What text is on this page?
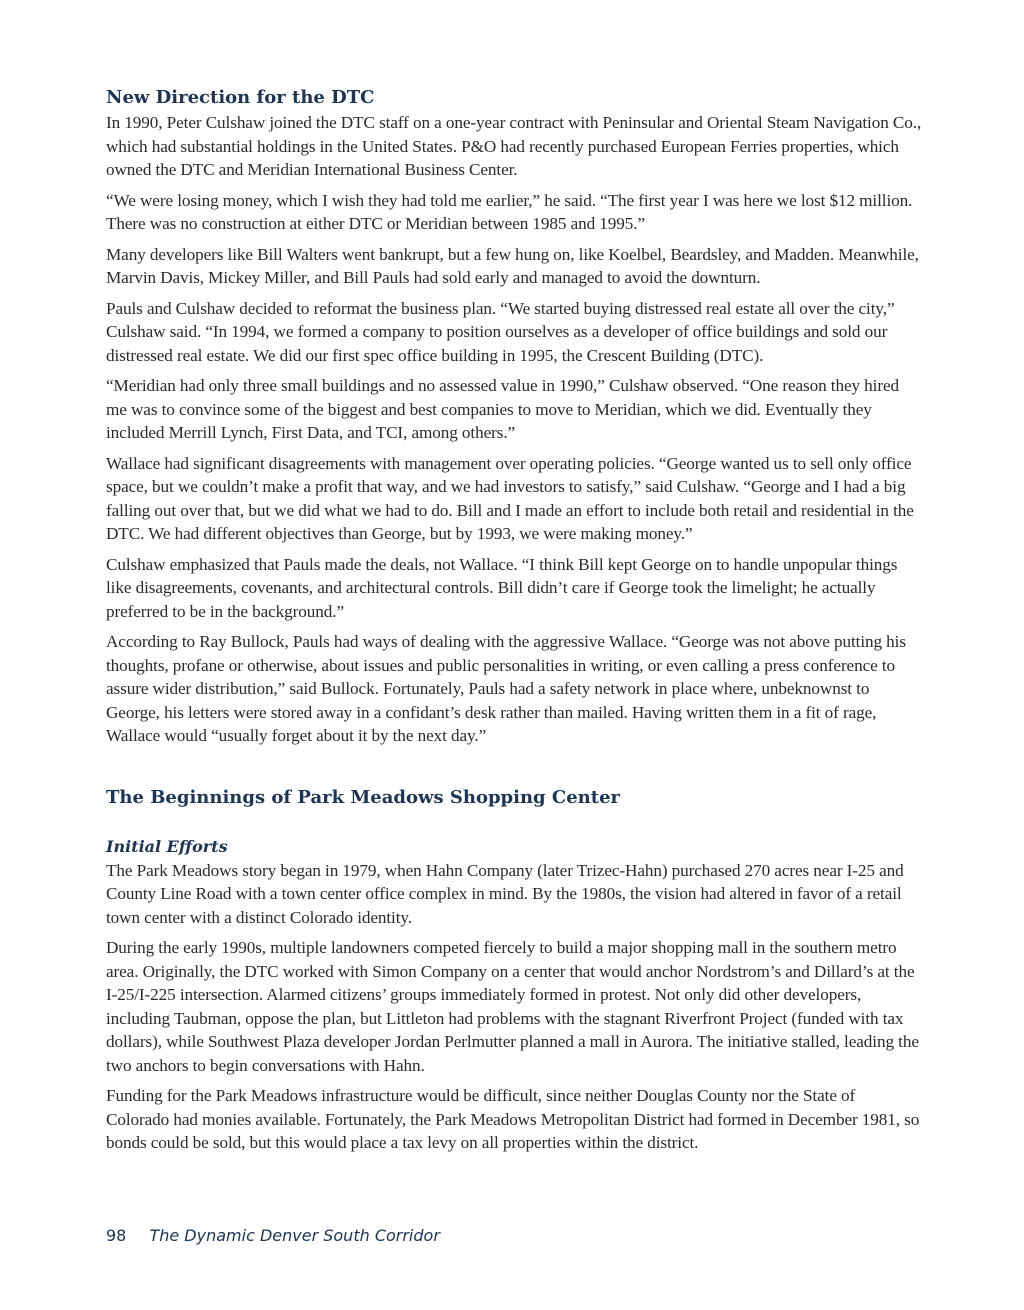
New Direction for the DTC

In 1990, Peter Culshaw joined the DTC staff on a one-year contract with Peninsular and Oriental Steam Navigation Co., which had substantial holdings in the United States. P&O had recently purchased European Ferries properties, which owned the DTC and Meridian International Business Center.

“We were losing money, which I wish they had told me earlier,” he said. “The first year I was here we lost $12 million. There was no construction at either DTC or Meridian between 1985 and 1995.”

Many developers like Bill Walters went bankrupt, but a few hung on, like Koelbel, Beardsley, and Madden. Meanwhile, Marvin Davis, Mickey Miller, and Bill Pauls had sold early and managed to avoid the downturn.

Pauls and Culshaw decided to reformat the business plan. “We started buying distressed real estate all over the city,” Culshaw said. “In 1994, we formed a company to position ourselves as a developer of office buildings and sold our distressed real estate. We did our first spec office building in 1995, the Crescent Building (DTC).

“Meridian had only three small buildings and no assessed value in 1990,” Culshaw observed. “One reason they hired me was to convince some of the biggest and best companies to move to Meridian, which we did. Eventually they included Merrill Lynch, First Data, and TCI, among others.”

Wallace had significant disagreements with management over operating policies. “George wanted us to sell only office space, but we couldn’t make a profit that way, and we had investors to satisfy,” said Culshaw. “George and I had a big falling out over that, but we did what we had to do. Bill and I made an effort to include both retail and residential in the DTC. We had different objectives than George, but by 1993, we were making money.”

Culshaw emphasized that Pauls made the deals, not Wallace. “I think Bill kept George on to handle unpopular things like disagreements, covenants, and architectural controls. Bill didn’t care if George took the limelight; he actually preferred to be in the background.”

According to Ray Bullock, Pauls had ways of dealing with the aggressive Wallace. “George was not above putting his thoughts, profane or otherwise, about issues and public personalities in writing, or even calling a press conference to assure wider distribution,” said Bullock. Fortunately, Pauls had a safety network in place where, unbeknownst to George, his letters were stored away in a confidant’s desk rather than mailed. Having written them in a fit of rage, Wallace would “usually forget about it by the next day.”

The Beginnings of Park Meadows Shopping Center
Initial Efforts

The Park Meadows story began in 1979, when Hahn Company (later Trizec-Hahn) purchased 270 acres near I-25 and County Line Road with a town center office complex in mind. By the 1980s, the vision had altered in favor of a retail town center with a distinct Colorado identity.

During the early 1990s, multiple landowners competed fiercely to build a major shopping mall in the southern metro area. Originally, the DTC worked with Simon Company on a center that would anchor Nordstrom’s and Dillard’s at the I-25/I-225 intersection. Alarmed citizens’ groups immediately formed in protest. Not only did other developers, including Taubman, oppose the plan, but Littleton had problems with the stagnant Riverfront Project (funded with tax dollars), while Southwest Plaza developer Jordan Perlmutter planned a mall in Aurora. The initiative stalled, leading the two anchors to begin conversations with Hahn.

Funding for the Park Meadows infrastructure would be difficult, since neither Douglas County nor the State of Colorado had monies available. Fortunately, the Park Meadows Metropolitan District had formed in December 1981, so bonds could be sold, but this would place a tax levy on all properties within the district.

98 The Dynamic Denver South Corridor
